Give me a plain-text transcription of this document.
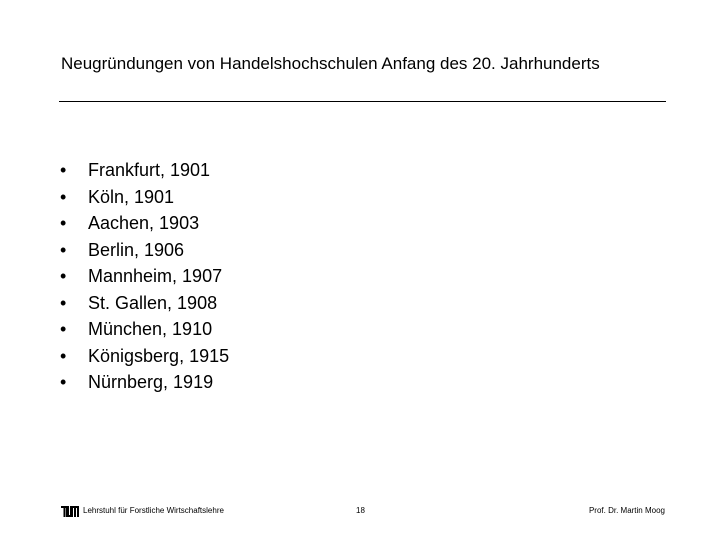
Neugründungen von Handelshochschulen Anfang des 20. Jahrhunderts
•	Frankfurt, 1901
•	Köln, 1901
•	Aachen, 1903
•	Berlin, 1906
•	Mannheim, 1907
•	St. Gallen, 1908
•	München, 1910
•	Königsberg, 1915
•	Nürnberg, 1919
Lehrstuhl für Forstliche Wirtschaftslehre	18	Prof. Dr. Martin Moog
